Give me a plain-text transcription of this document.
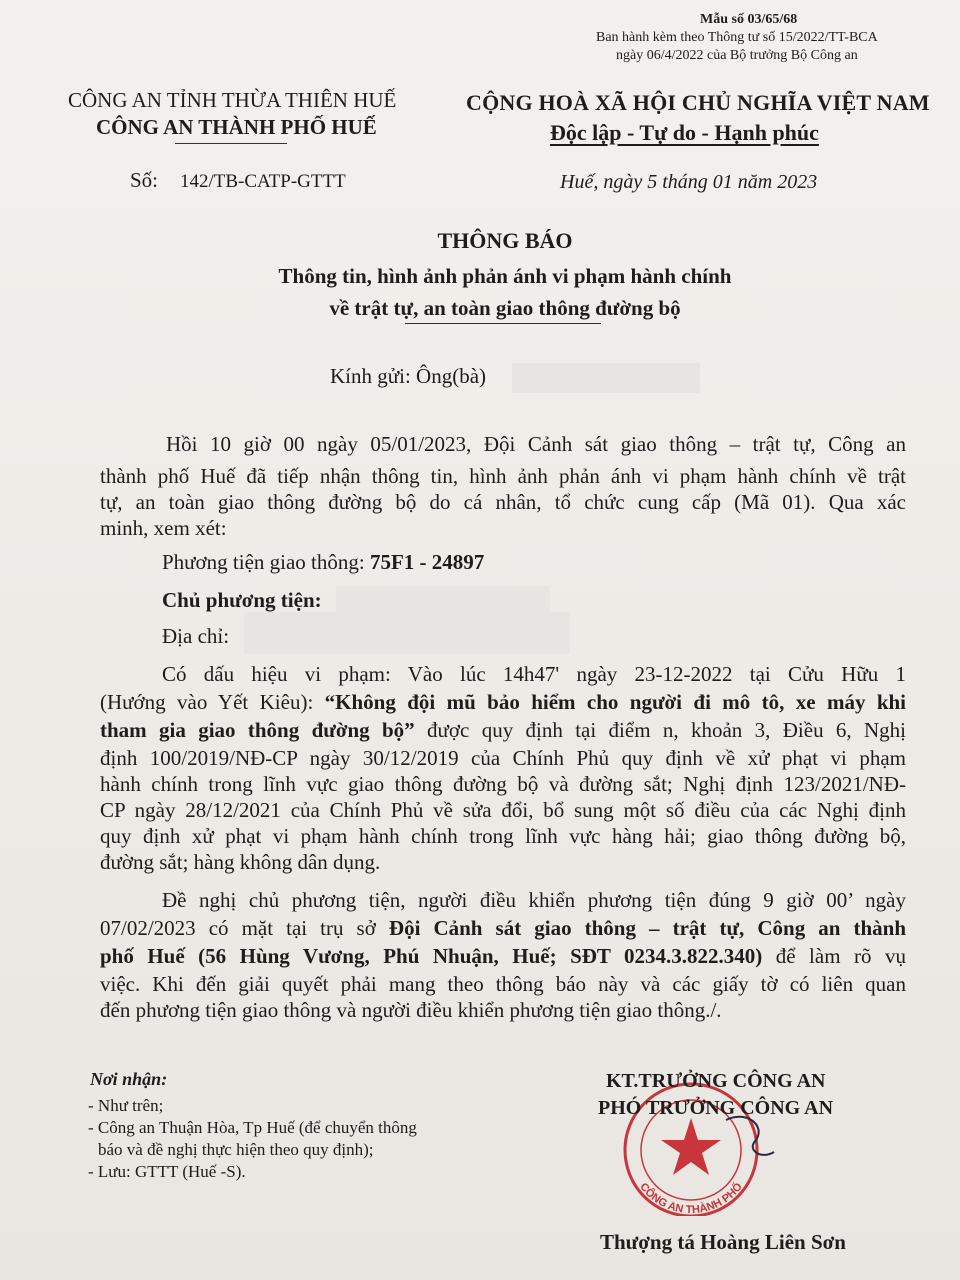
Mẫu số 03/65/68
Ban hành kèm theo Thông tư số 15/2022/TT-BCA
ngày 06/4/2022 của Bộ trưởng Bộ Công an
CÔNG AN TỈNH THỪA THIÊN HUẾ
CÔNG AN THÀNH PHỐ HUẾ
CỘNG HOÀ XÃ HỘI CHỦ NGHĨA VIỆT NAM
Độc lập - Tự do - Hạnh phúc
Số: 142/TB-CATP-GTTT	Huế, ngày 5 tháng 01 năm 2023
THÔNG BÁO
Thông tin, hình ảnh phản ánh vi phạm hành chính
về trật tự, an toàn giao thông đường bộ
Kính gửi: Ông(bà)
Hồi 10 giờ 00 ngày 05/01/2023, Đội Cảnh sát giao thông – trật tự, Công an
thành phố Huế đã tiếp nhận thông tin, hình ảnh phản ánh vi phạm hành chính về trật
tự, an toàn giao thông đường bộ do cá nhân, tổ chức cung cấp (Mã 01). Qua xác
minh, xem xét:
Phương tiện giao thông: 75F1 - 24897
Chủ phương tiện:
Địa chỉ:
Có dấu hiệu vi phạm: Vào lúc 14h47' ngày 23-12-2022 tại Cửu Hữu 1
(Hướng vào Yết Kiêu): “Không đội mũ bảo hiểm cho người đi mô tô, xe máy khi
tham gia giao thông đường bộ” được quy định tại điểm n, khoản 3, Điều 6, Nghị
định 100/2019/NĐ-CP ngày 30/12/2019 của Chính Phủ quy định về xử phạt vi phạm
hành chính trong lĩnh vực giao thông đường bộ và đường sắt; Nghị định 123/2021/NĐ-
CP ngày 28/12/2021 của Chính Phủ về sửa đổi, bổ sung một số điều của các Nghị định
quy định xử phạt vi phạm hành chính trong lĩnh vực hàng hải; giao thông đường bộ,
đường sắt; hàng không dân dụng.
Đề nghị chủ phương tiện, người điều khiển phương tiện đúng 9 giờ 00’ ngày
07/02/2023 có mặt tại trụ sở Đội Cảnh sát giao thông – trật tự, Công an thành
phố Huế (56 Hùng Vương, Phú Nhuận, Huế; SĐT 0234.3.822.340) để làm rõ vụ
việc. Khi đến giải quyết phải mang theo thông báo này và các giấy tờ có liên quan
đến phương tiện giao thông và người điều khiển phương tiện giao thông./.
Nơi nhận:
- Như trên;
- Công an Thuận Hòa, Tp Huế (để chuyển thông
báo và đề nghị thực hiện theo quy định);
- Lưu: GTTT (Huế -S).
CÔNG AN THÀNH PHỐ
KT.TRƯỞNG CÔNG AN
PHÓ TRƯỞNG CÔNG AN
Thượng tá Hoàng Liên Sơn
